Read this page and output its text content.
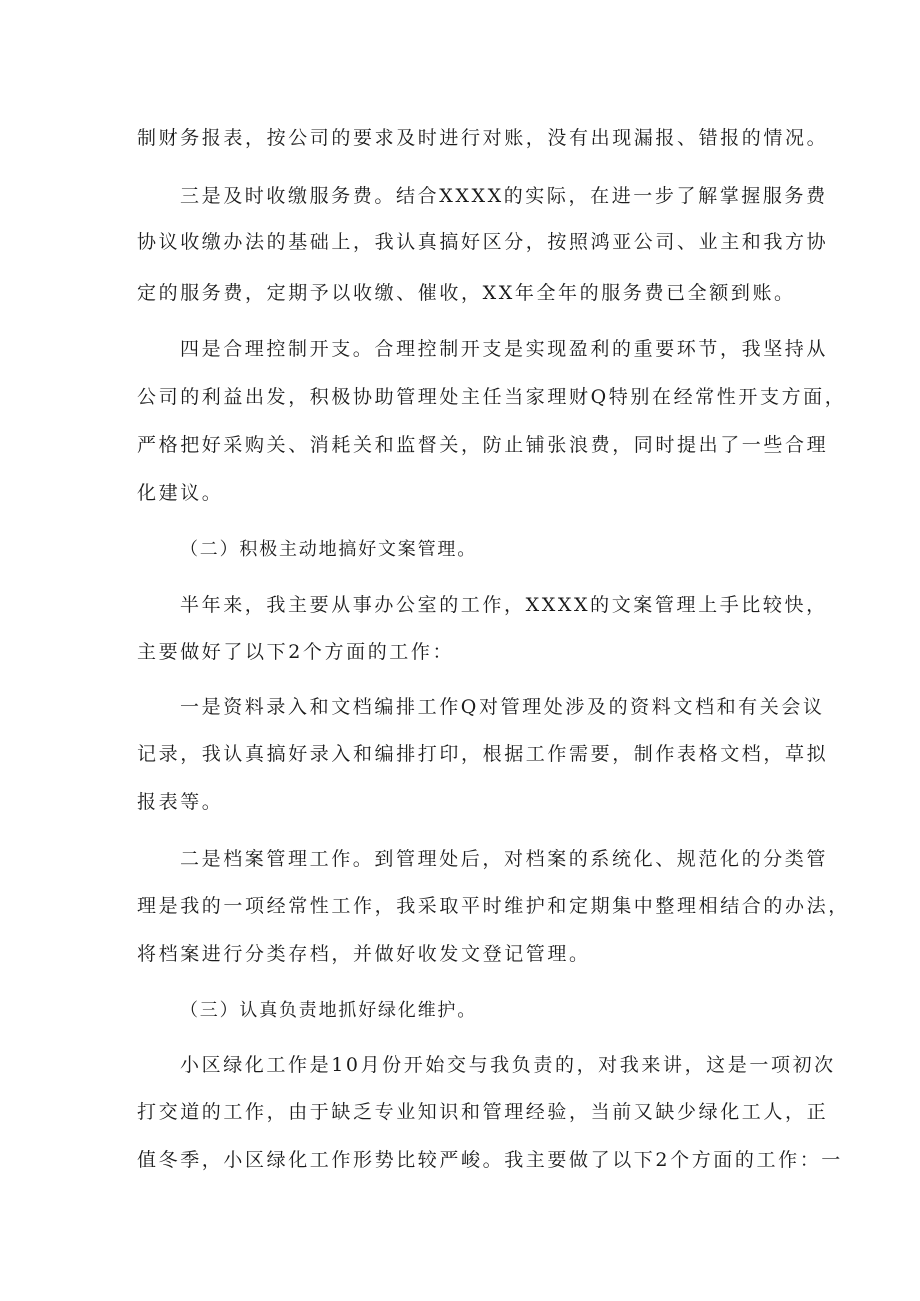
制财务报表，按公司的要求及时进行对账，没有出现漏报、错报的情况。
三是及时收缴服务费。结合XXXX的实际，在进一步了解掌握服务费
协议收缴办法的基础上，我认真搞好区分，按照鸿亚公司、业主和我方协
定的服务费，定期予以收缴、催收，XX年全年的服务费已全额到账。
四是合理控制开支。合理控制开支是实现盈利的重要环节，我坚持从
公司的利益出发，积极协助管理处主任当家理财Q特别在经常性开支方面，
严格把好采购关、消耗关和监督关，防止铺张浪费，同时提出了一些合理
化建议。
（二）积极主动地搞好文案管理。
半年来，我主要从事办公室的工作，XXXX的文案管理上手比较快，
主要做好了以下2个方面的工作：
一是资料录入和文档编排工作Q对管理处涉及的资料文档和有关会议
记录，我认真搞好录入和编排打印，根据工作需要，制作表格文档，草拟
报表等。
二是档案管理工作。到管理处后，对档案的系统化、规范化的分类管
理是我的一项经常性工作，我采取平时维护和定期集中整理相结合的办法，
将档案进行分类存档，并做好收发文登记管理。
（三）认真负责地抓好绿化维护。
小区绿化工作是10月份开始交与我负责的，对我来讲，这是一项初次
打交道的工作，由于缺乏专业知识和管理经验，当前又缺少绿化工人，正
值冬季，小区绿化工作形势比较严峻。我主要做了以下2个方面的工作：一
